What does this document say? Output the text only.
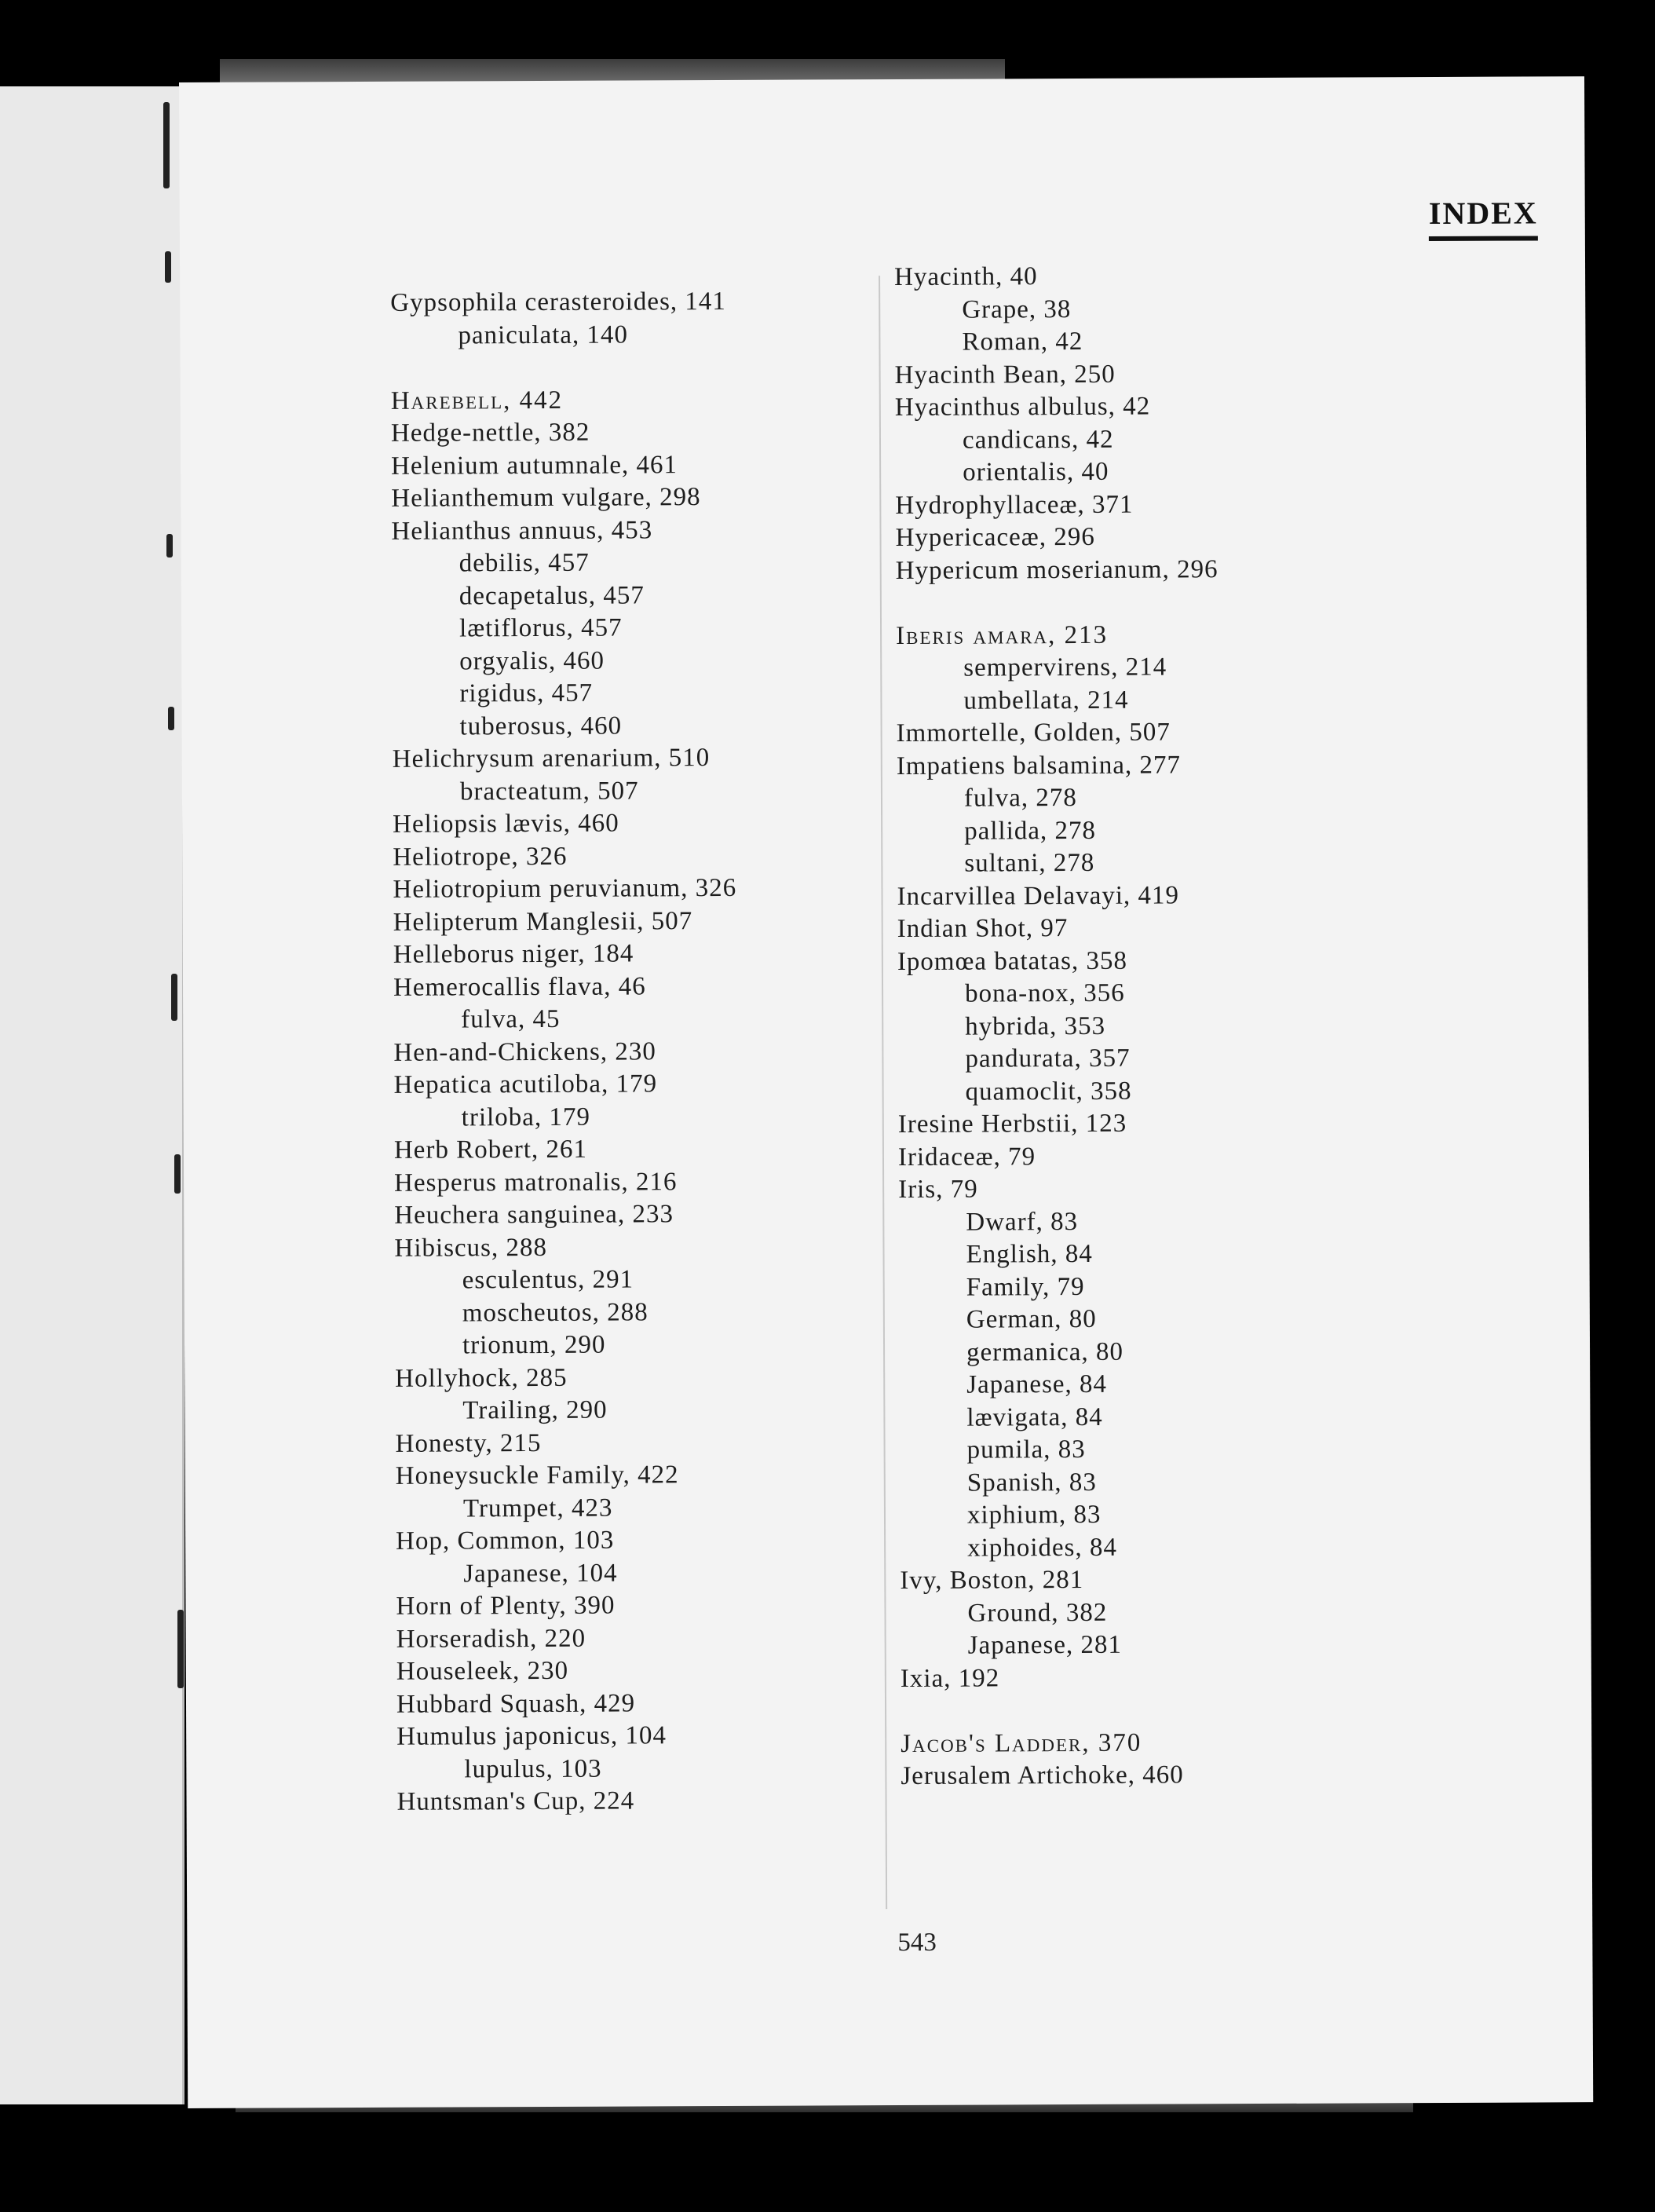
INDEX
Gypsophila cerasteroides, 141
paniculata, 140
Harebell, 442
Hedge-nettle, 382
Helenium autumnale, 461
Helianthemum vulgare, 298
Helianthus annuus, 453
debilis, 457
decapetalus, 457
lætiflorus, 457
orgyalis, 460
rigidus, 457
tuberosus, 460
Helichrysum arenarium, 510
bracteatum, 507
Heliopsis lævis, 460
Heliotrope, 326
Heliotropium peruvianum, 326
Helipterum Manglesii, 507
Helleborus niger, 184
Hemerocallis flava, 46
fulva, 45
Hen-and-Chickens, 230
Hepatica acutiloba, 179
triloba, 179
Herb Robert, 261
Hesperus matronalis, 216
Heuchera sanguinea, 233
Hibiscus, 288
esculentus, 291
moscheutos, 288
trionum, 290
Hollyhock, 285
Trailing, 290
Honesty, 215
Honeysuckle Family, 422
Trumpet, 423
Hop, Common, 103
Japanese, 104
Horn of Plenty, 390
Horseradish, 220
Houseleek, 230
Hubbard Squash, 429
Humulus japonicus, 104
lupulus, 103
Huntsman's Cup, 224
Hyacinth, 40
Grape, 38
Roman, 42
Hyacinth Bean, 250
Hyacinthus albulus, 42
candicans, 42
orientalis, 40
Hydrophyllaceæ, 371
Hypericaceæ, 296
Hypericum moserianum, 296
Iberis amara, 213
sempervirens, 214
umbellata, 214
Immortelle, Golden, 507
Impatiens balsamina, 277
fulva, 278
pallida, 278
sultani, 278
Incarvillea Delavayi, 419
Indian Shot, 97
Ipomœa batatas, 358
bona-nox, 356
hybrida, 353
pandurata, 357
quamoclit, 358
Iresine Herbstii, 123
Iridaceæ, 79
Iris, 79
Dwarf, 83
English, 84
Family, 79
German, 80
germanica, 80
Japanese, 84
lævigata, 84
pumila, 83
Spanish, 83
xiphium, 83
xiphoides, 84
Ivy, Boston, 281
Ground, 382
Japanese, 281
Ixia, 192
Jacob's Ladder, 370
Jerusalem Artichoke, 460
543
